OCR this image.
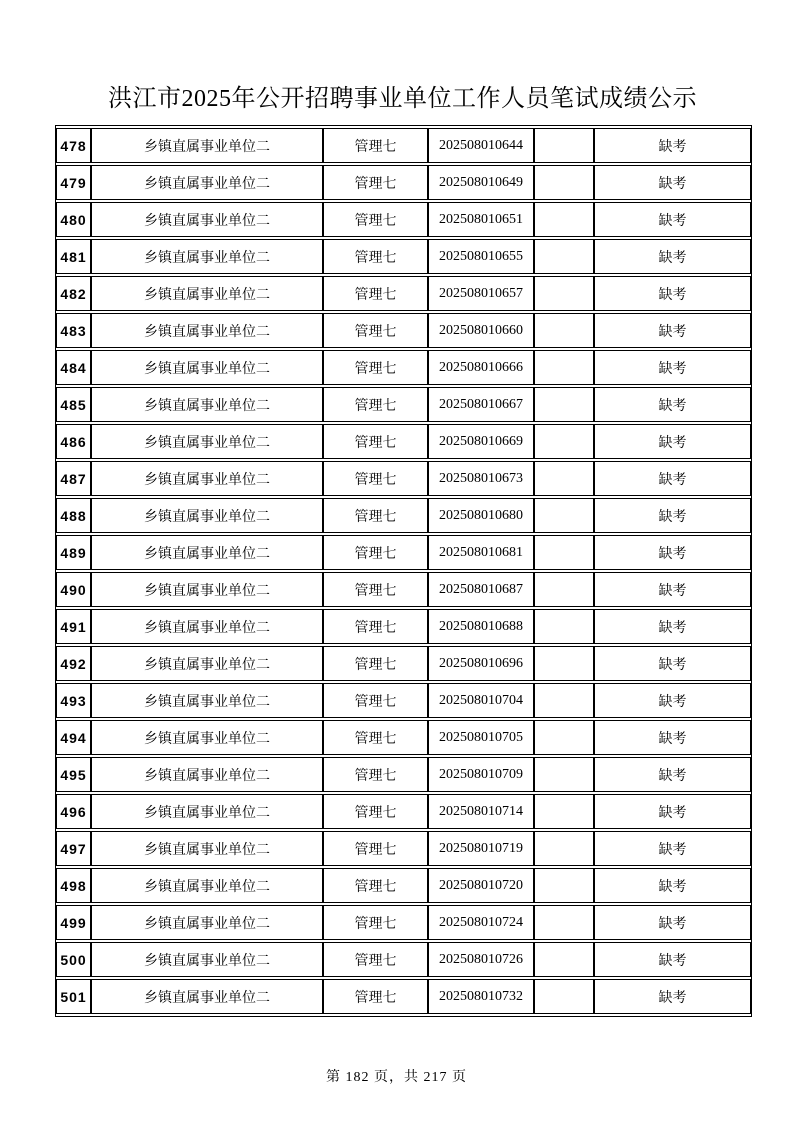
洪江市2025年公开招聘事业单位工作人员笔试成绩公示
478	乡镇直属事业单位二	管理七	202508010644		缺考
479	乡镇直属事业单位二	管理七	202508010649		缺考
480	乡镇直属事业单位二	管理七	202508010651		缺考
481	乡镇直属事业单位二	管理七	202508010655		缺考
482	乡镇直属事业单位二	管理七	202508010657		缺考
483	乡镇直属事业单位二	管理七	202508010660		缺考
484	乡镇直属事业单位二	管理七	202508010666		缺考
485	乡镇直属事业单位二	管理七	202508010667		缺考
486	乡镇直属事业单位二	管理七	202508010669		缺考
487	乡镇直属事业单位二	管理七	202508010673		缺考
488	乡镇直属事业单位二	管理七	202508010680		缺考
489	乡镇直属事业单位二	管理七	202508010681		缺考
490	乡镇直属事业单位二	管理七	202508010687		缺考
491	乡镇直属事业单位二	管理七	202508010688		缺考
492	乡镇直属事业单位二	管理七	202508010696		缺考
493	乡镇直属事业单位二	管理七	202508010704		缺考
494	乡镇直属事业单位二	管理七	202508010705		缺考
495	乡镇直属事业单位二	管理七	202508010709		缺考
496	乡镇直属事业单位二	管理七	202508010714		缺考
497	乡镇直属事业单位二	管理七	202508010719		缺考
498	乡镇直属事业单位二	管理七	202508010720		缺考
499	乡镇直属事业单位二	管理七	202508010724		缺考
500	乡镇直属事业单位二	管理七	202508010726		缺考
501	乡镇直属事业单位二	管理七	202508010732		缺考
第 182 页，共 217 页
